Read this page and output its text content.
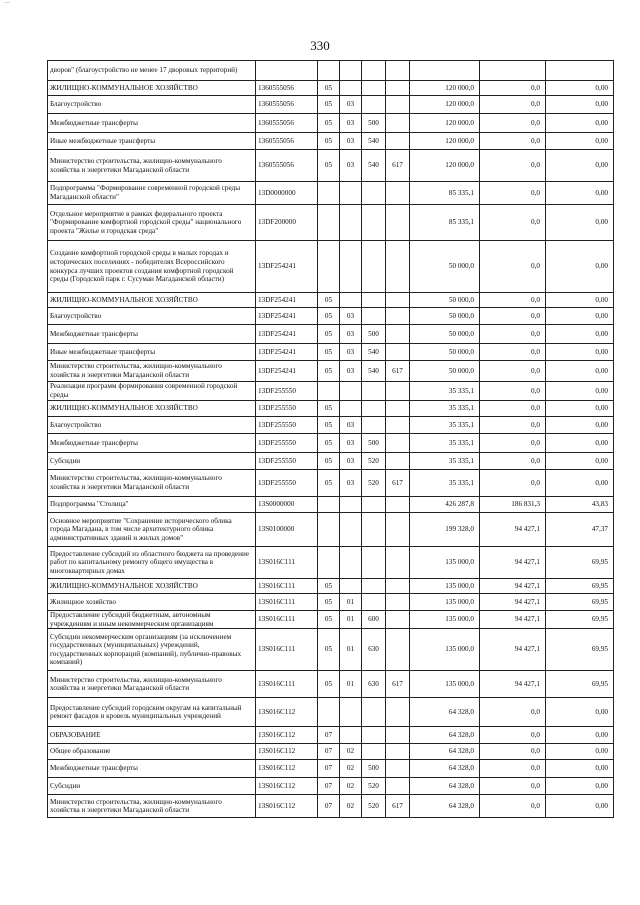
—
330
дворов" (благоустройство не менее 17 дворовых территорий)								
ЖИЛИЩНО-КОММУНАЛЬНОЕ ХОЗЯЙСТВО	1360555056	05				120 000,0	0,0	0,00
Благоустройство	1360555056	05	03			120 000,0	0,0	0,00
Межбюджетные трансферты	1360555056	05	03	500		120 000,0	0,0	0,00
Иные межбюджетные трансферты	1360555056	05	03	540		120 000,0	0,0	0,00
Министерство строительства, жилищно-коммунального хозяйства и энергетики Магаданской области	1360555056	05	03	540	617	120 000,0	0,0	0,00
Подпрограмма "Формирование современной городской среды Магаданской области"	13D0000000					85 335,1	0,0	0,00
Отдельное мероприятие в рамках федерального проекта "Формирование комфортной городской среды" национального проекта "Жилье и городская среда"	13DF200000					85 335,1	0,0	0,00
Создание комфортной городской среды в малых городах и исторических поселениях - победителях Всероссийского конкурса лучших проектов создания комфортной городской среды (Городской парк г. Сусуман Магаданской области)	13DF254241					50 000,0	0,0	0,00
ЖИЛИЩНО-КОММУНАЛЬНОЕ ХОЗЯЙСТВО	13DF254241	05				50 000,0	0,0	0,00
Благоустройство	13DF254241	05	03			50 000,0	0,0	0,00
Межбюджетные трансферты	13DF254241	05	03	500		50 000,0	0,0	0,00
Иные межбюджетные трансферты	13DF254241	05	03	540		50 000,0	0,0	0,00
Министерство строительства, жилищно-коммунального хозяйства и энергетики Магаданской области	13DF254241	05	03	540	617	50 000,0	0,0	0,00
Реализация программ формирования современной городской среды	13DF255550					35 335,1	0,0	0,00
ЖИЛИЩНО-КОММУНАЛЬНОЕ ХОЗЯЙСТВО	13DF255550	05				35 335,1	0,0	0,00
Благоустройство	13DF255550	05	03			35 335,1	0,0	0,00
Межбюджетные трансферты	13DF255550	05	03	500		35 335,1	0,0	0,00
Субсидии	13DF255550	05	03	520		35 335,1	0,0	0,00
Министерство строительства, жилищно-коммунального хозяйства и энергетики Магаданской области	13DF255550	05	03	520	617	35 335,1	0,0	0,00
Подпрограмма "Столица"	13S0000000					426 287,8	186 831,3	43,83
Основное мероприятие "Сохранение исторического облика города Магадана, в том числе архитектурного облика административных зданий и жилых домов"	13S0100000					199 328,0	94 427,1	47,37
Предоставление субсидий из областного бюджета на проведение работ по капитальному ремонту общего имущества в многоквартирных домах	13S016C111					135 000,0	94 427,1	69,95
ЖИЛИЩНО-КОММУНАЛЬНОЕ ХОЗЯЙСТВО	13S016C111	05				135 000,0	94 427,1	69,95
Жилищное хозяйство	13S016C111	05	01			135 000,0	94 427,1	69,95
Предоставление субсидий бюджетным, автономным учреждениям и иным некоммерческим организациям	13S016C111	05	01	600		135 000,0	94 427,1	69,95
Субсидии некоммерческим организациям (за исключением государственных (муниципальных) учреждений, государственных корпораций (компаний), публично-правовых компаний)	13S016C111	05	01	630		135 000,0	94 427,1	69,95
Министерство строительства, жилищно-коммунального хозяйства и энергетики Магаданской области	13S016C111	05	01	630	617	135 000,0	94 427,1	69,95
Предоставление субсидий городским округам на капитальный ремонт фасадов и кровель муниципальных учреждений	13S016C112					64 328,0	0,0	0,00
ОБРАЗОВАНИЕ	13S016C112	07				64 328,0	0,0	0,00
Общее образование	13S016C112	07	02			64 328,0	0,0	0,00
Межбюджетные трансферты	13S016C112	07	02	500		64 328,0	0,0	0,00
Субсидии	13S016C112	07	02	520		64 328,0	0,0	0,00
Министерство строительства, жилищно-коммунального хозяйства и энергетики Магаданской области	13S016C112	07	02	520	617	64 328,0	0,0	0,00
